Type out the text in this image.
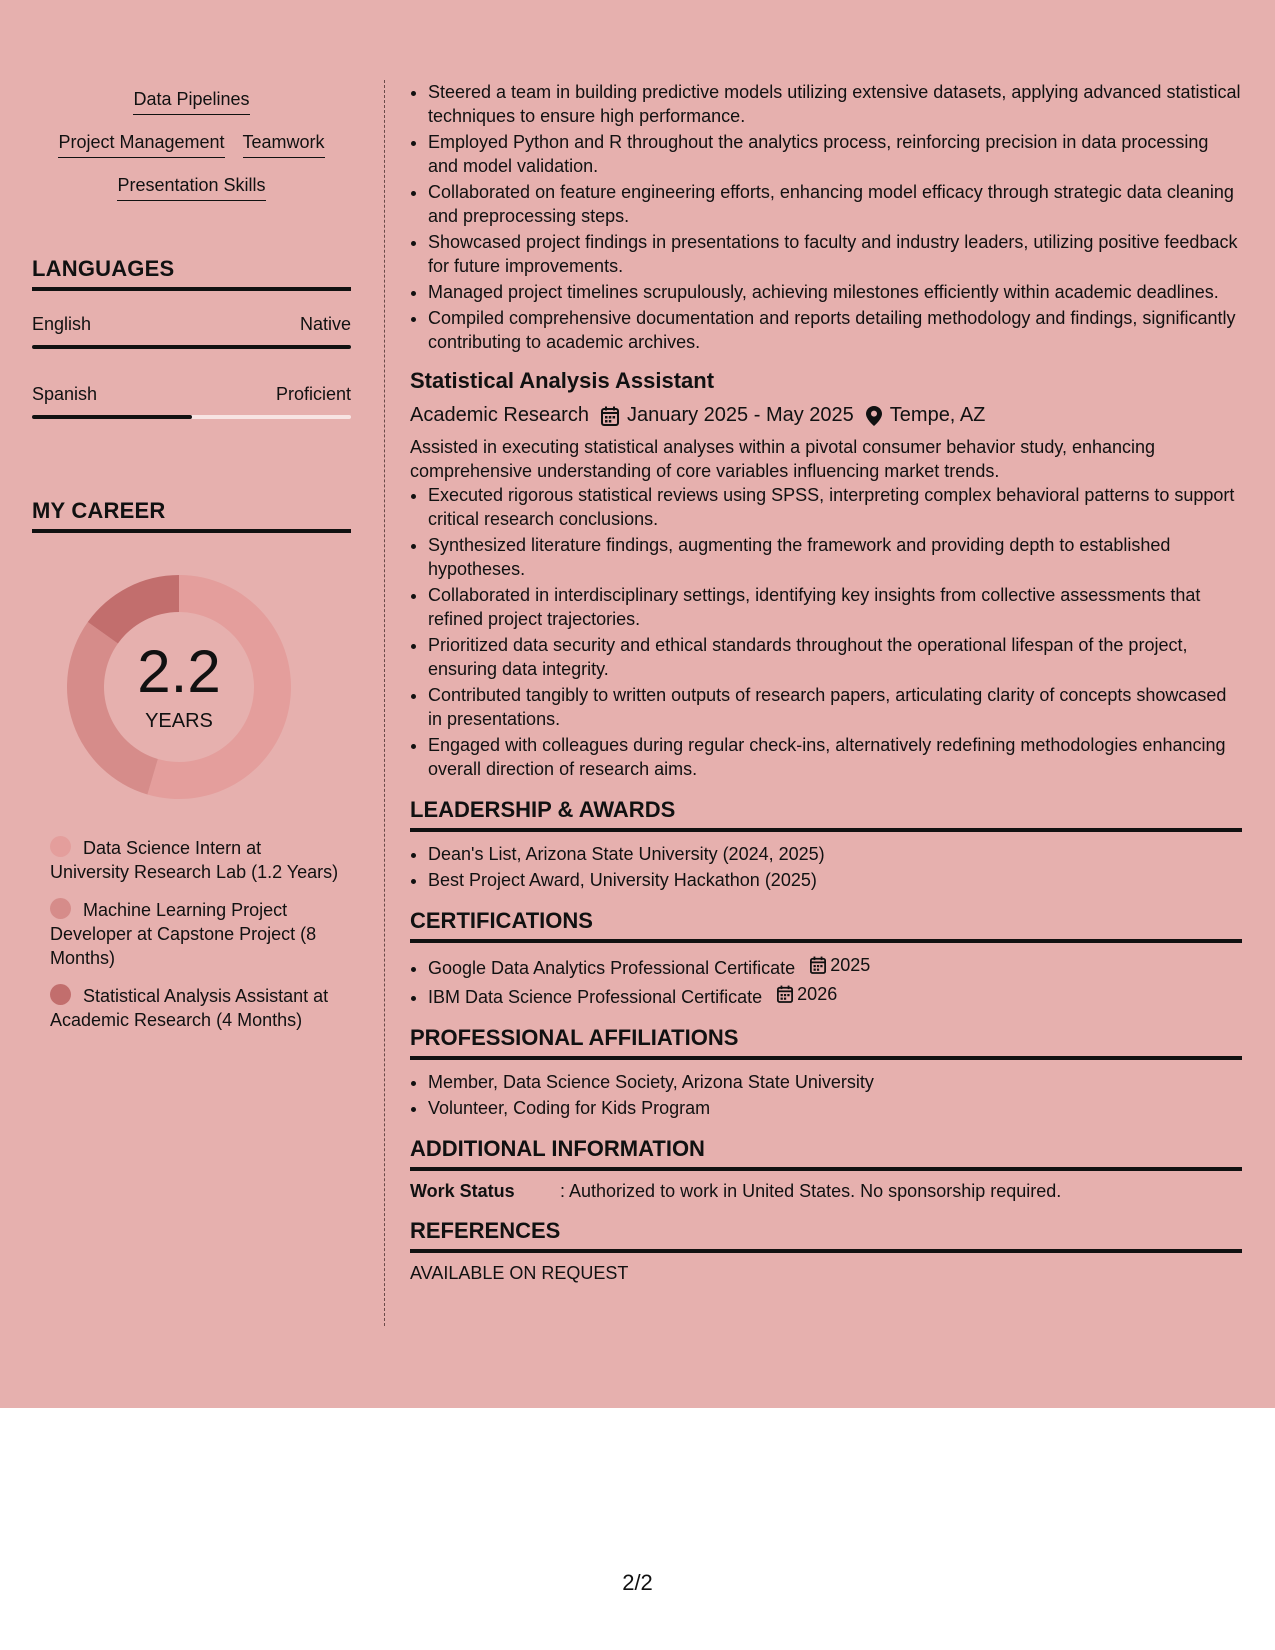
Data Pipelines
Project Management Teamwork
Presentation Skills
LANGUAGES
English	Native
Spanish	Proficient
MY CAREER
2.2
YEARS
Data Science Intern at University Research Lab (1.2 Years)
Machine Learning Project Developer at Capstone Project (8 Months)
Statistical Analysis Assistant at Academic Research (4 Months)
• Steered a team in building predictive models utilizing extensive datasets, applying advanced statistical techniques to ensure high performance.
• Employed Python and R throughout the analytics process, reinforcing precision in data processing and model validation.
• Collaborated on feature engineering efforts, enhancing model efficacy through strategic data cleaning and preprocessing steps.
• Showcased project findings in presentations to faculty and industry leaders, utilizing positive feedback for future improvements.
• Managed project timelines scrupulously, achieving milestones efficiently within academic deadlines.
• Compiled comprehensive documentation and reports detailing methodology and findings, significantly contributing to academic archives.
Statistical Analysis Assistant
Academic Research January 2025 - May 2025 Tempe, AZ
Assisted in executing statistical analyses within a pivotal consumer behavior study, enhancing comprehensive understanding of core variables influencing market trends.
• Executed rigorous statistical reviews using SPSS, interpreting complex behavioral patterns to support critical research conclusions.
• Synthesized literature findings, augmenting the framework and providing depth to established hypotheses.
• Collaborated in interdisciplinary settings, identifying key insights from collective assessments that refined project trajectories.
• Prioritized data security and ethical standards throughout the operational lifespan of the project, ensuring data integrity.
• Contributed tangibly to written outputs of research papers, articulating clarity of concepts showcased in presentations.
• Engaged with colleagues during regular check-ins, alternatively redefining methodologies enhancing overall direction of research aims.
LEADERSHIP & AWARDS
• Dean's List, Arizona State University (2024, 2025)
• Best Project Award, University Hackathon (2025)
CERTIFICATIONS
• Google Data Analytics Professional Certificate 2025
• IBM Data Science Professional Certificate 2026
PROFESSIONAL AFFILIATIONS
• Member, Data Science Society, Arizona State University
• Volunteer, Coding for Kids Program
ADDITIONAL INFORMATION
Work Status	: Authorized to work in United States. No sponsorship required.
REFERENCES
AVAILABLE ON REQUEST
2/2
